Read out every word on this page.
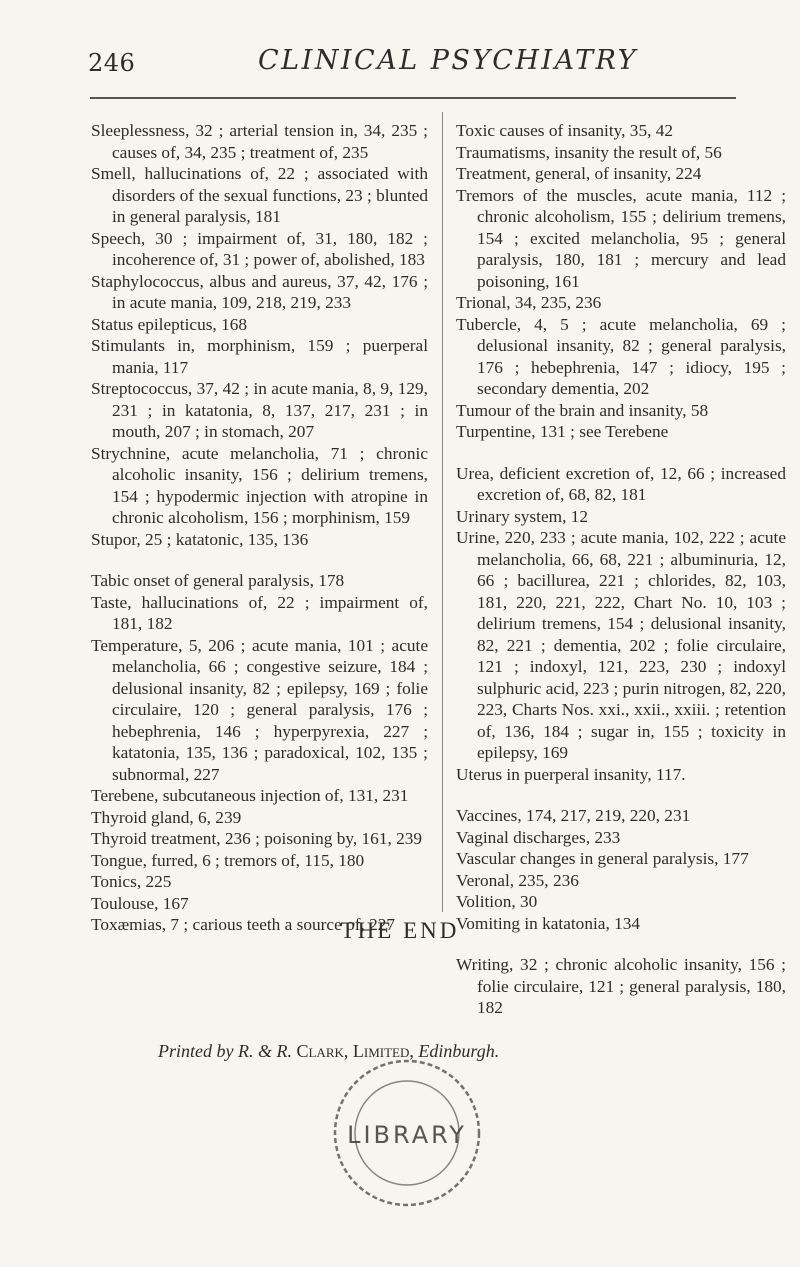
246	CLINICAL PSYCHIATRY

Sleeplessness, 32 ; arterial tension in, 34, 235 ; causes of, 34, 235 ; treatment of, 235

Smell, hallucinations of, 22 ; associated with disorders of the sexual functions, 23 ; blunted in general paralysis, 181

Speech, 30 ; impairment of, 31, 180, 182 ; incoherence of, 31 ; power of, abolished, 183

Staphylococcus, albus and aureus, 37, 42, 176 ; in acute mania, 109, 218, 219, 233

Status epilepticus, 168

Stimulants in, morphinism, 159 ; puerperal mania, 117

Streptococcus, 37, 42 ; in acute mania, 8, 9, 129, 231 ; in katatonia, 8, 137, 217, 231 ; in mouth, 207 ; in stomach, 207

Strychnine, acute melancholia, 71 ; chronic alcoholic insanity, 156 ; delirium tremens, 154 ; hypodermic injection with atropine in chronic alcoholism, 156 ; morphinism, 159

Stupor, 25 ; katatonic, 135, 136

Tabic onset of general paralysis, 178

Taste, hallucinations of, 22 ; impairment of, 181, 182

Temperature, 5, 206 ; acute mania, 101 ; acute melancholia, 66 ; congestive seizure, 184 ; delusional insanity, 82 ; epilepsy, 169 ; folie circulaire, 120 ; general paralysis, 176 ; hebephrenia, 146 ; hyperpyrexia, 227 ; katatonia, 135, 136 ; paradoxical, 102, 135 ; subnormal, 227

Terebene, subcutaneous injection of, 131, 231

Thyroid gland, 6, 239

Thyroid treatment, 236 ; poisoning by, 161, 239

Tongue, furred, 6 ; tremors of, 115, 180

Tonics, 225

Toulouse, 167

Toxæmias, 7 ; carious teeth a source of, 227

Toxic causes of insanity, 35, 42

Traumatisms, insanity the result of, 56

Treatment, general, of insanity, 224

Tremors of the muscles, acute mania, 112 ; chronic alcoholism, 155 ; delirium tremens, 154 ; excited melancholia, 95 ; general paralysis, 180, 181 ; mercury and lead poisoning, 161

Trional, 34, 235, 236

Tubercle, 4, 5 ; acute melancholia, 69 ; delusional insanity, 82 ; general paralysis, 176 ; hebephrenia, 147 ; idiocy, 195 ; secondary dementia, 202

Tumour of the brain and insanity, 58

Turpentine, 131 ; see Terebene

Urea, deficient excretion of, 12, 66 ; increased excretion of, 68, 82, 181

Urinary system, 12

Urine, 220, 233 ; acute mania, 102, 222 ; acute melancholia, 66, 68, 221 ; albuminuria, 12, 66 ; bacillurea, 221 ; chlorides, 82, 103, 181, 220, 221, 222, Chart No. 10, 103 ; delirium tremens, 154 ; delusional insanity, 82, 221 ; dementia, 202 ; folie circulaire, 121 ; indoxyl, 121, 223, 230 ; indoxyl sulphuric acid, 223 ; purin nitrogen, 82, 220, 223, Charts Nos. xxi., xxii., xxiii. ; retention of, 136, 184 ; sugar in, 155 ; toxicity in epilepsy, 169

Uterus in puerperal insanity, 117.

Vaccines, 174, 217, 219, 220, 231

Vaginal discharges, 233

Vascular changes in general paralysis, 177

Veronal, 235, 236

Volition, 30

Vomiting in katatonia, 134

Writing, 32 ; chronic alcoholic insanity, 156 ; folie circulaire, 121 ; general paralysis, 180, 182

THE END
Printed by R. & R. Clark, Limited, Edinburgh.
LIBRARY
